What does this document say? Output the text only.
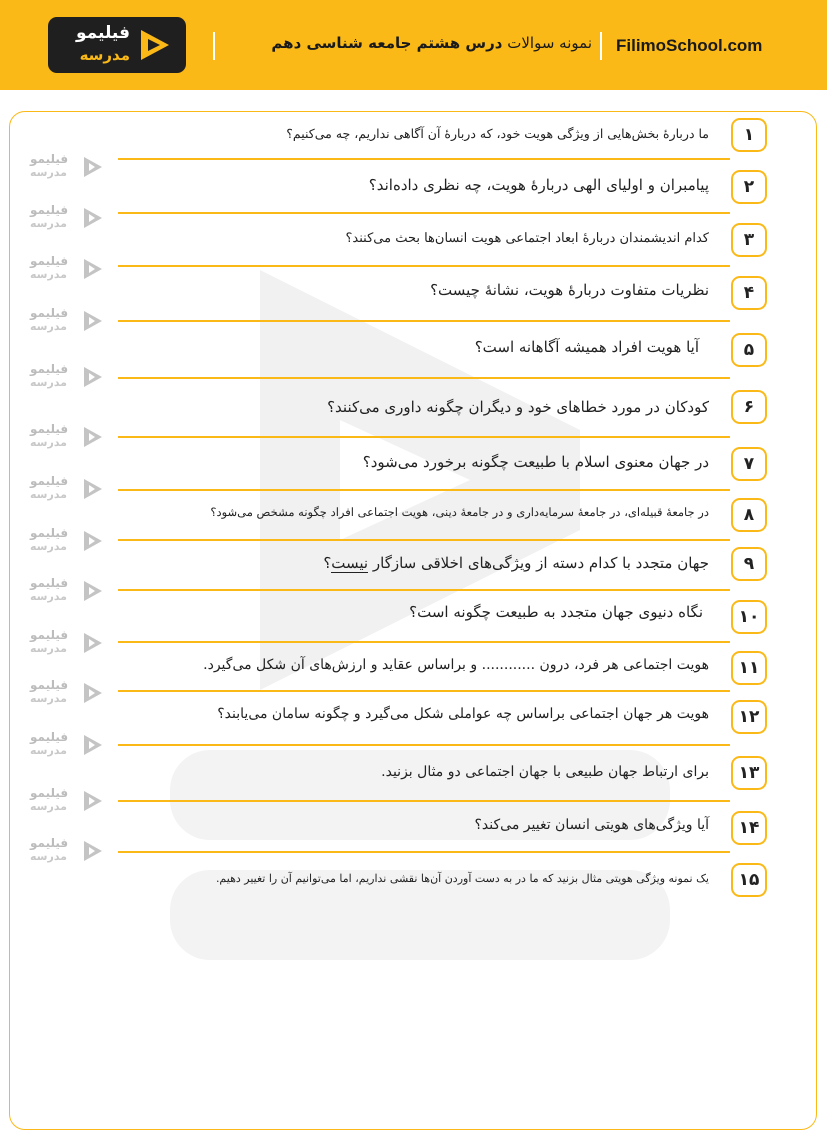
FilimoSchool.com
نمونه سوالات درس هشتم جامعه شناسی دهم
فیلیمو
مدرسه
فیلیمو
مدرسه
فیلیمو
مدرسه
فیلیمو
مدرسه
فیلیمو
مدرسه
فیلیمو
مدرسه
فیلیمو
مدرسه
فیلیمو
مدرسه
فیلیمو
مدرسه
فیلیمو
مدرسه
فیلیمو
مدرسه
فیلیمو
مدرسه
فیلیمو
مدرسه
فیلیمو
مدرسه
فیلیمو
مدرسه
۱
ما دربارهٔ بخش‌هایی از ویژگی هویت خود، که دربارهٔ آن آگاهی نداریم، چه می‌کنیم؟
۲
پیامبران و اولیای الهی دربارهٔ هویت، چه نظری داده‌اند؟
۳
کدام اندیشمندان دربارهٔ ابعاد اجتماعی هویت انسان‌ها بحث می‌کنند؟
۴
نظریات متفاوت دربارهٔ هویت، نشانهٔ چیست؟
۵
آیا هویت افراد همیشه آگاهانه است؟
۶
کودکان در مورد خطاهای خود و دیگران چگونه داوری می‌کنند؟
۷
در جهان معنوی اسلام با طبیعت چگونه برخورد می‌شود؟
۸
در جامعهٔ قبیله‌ای، در جامعهٔ سرمایه‌داری و در جامعهٔ دینی، هویت اجتماعی افراد چگونه مشخص می‌شود؟
۹
جهان متجدد با کدام دسته از ویژگی‌های اخلاقی سازگار نیست؟
۱۰
نگاه دنیوی جهان متجدد به طبیعت چگونه است؟
۱۱
هویت اجتماعی هر فرد، درون ............ و براساس عقاید و ارزش‌های آن شکل می‌گیرد.
۱۲
هویت هر جهان اجتماعی براساس چه عواملی شکل می‌گیرد و چگونه سامان می‌یابند؟
۱۳
برای ارتباط جهان طبیعی با جهان اجتماعی دو مثال بزنید.
۱۴
آیا ویژگی‌های هویتی انسان تغییر می‌کند؟
۱۵
یک نمونه ویژگی هویتی مثال بزنید که ما در به دست آوردن آن‌ها نقشی نداریم، اما می‌توانیم آن را تغییر دهیم.
